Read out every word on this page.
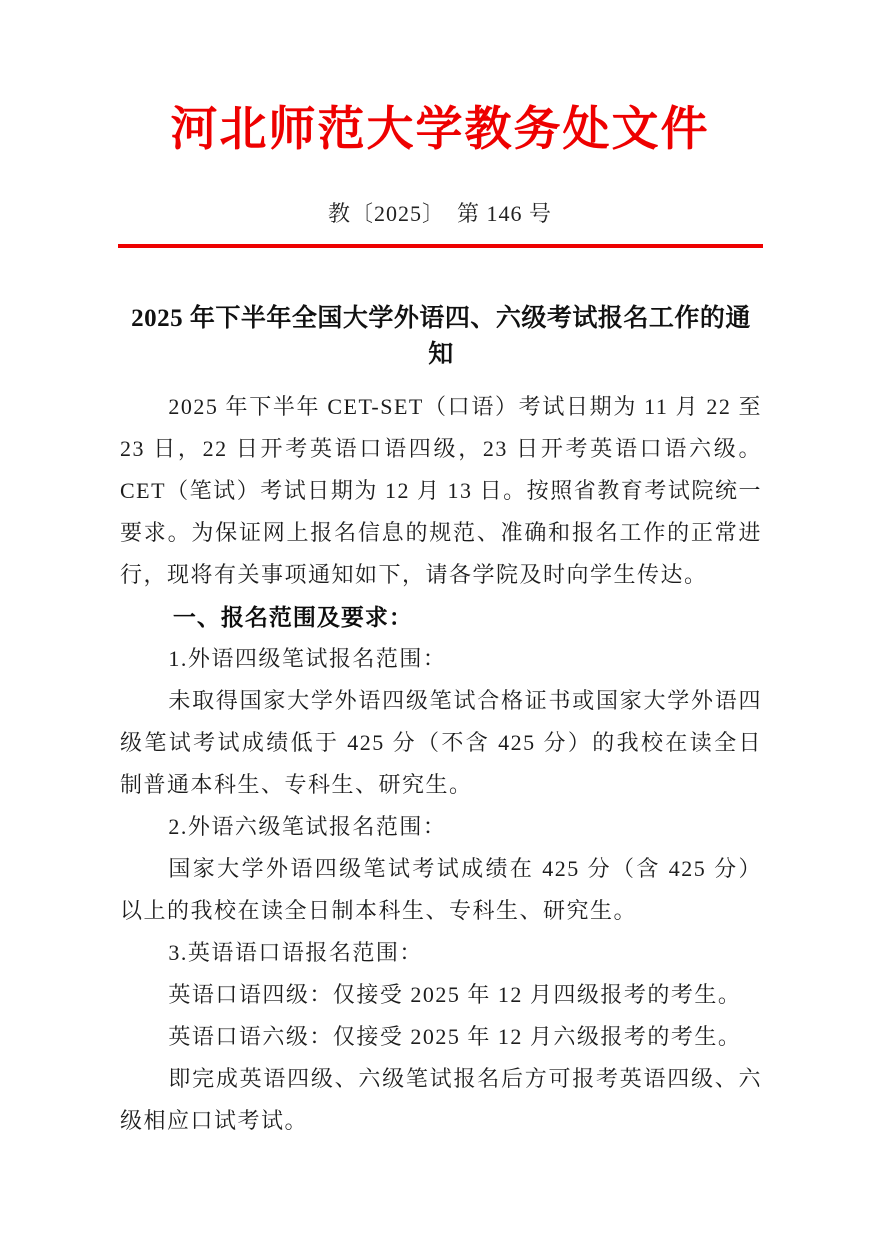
河北师范大学教务处文件
教〔2025〕　第 146 号
2025 年下半年全国大学外语四、六级考试报名工作的通知

2025 年下半年 CET-SET（口语）考试日期为 11 月 22 至 23 日，22 日开考英语口语四级，23 日开考英语口语六级。CET（笔试）考试日期为 12 月 13 日。按照省教育考试院统一要求。为保证网上报名信息的规范、准确和报名工作的正常进行，现将有关事项通知如下，请各学院及时向学生传达。

一、报名范围及要求：
1.外语四级笔试报名范围：

未取得国家大学外语四级笔试合格证书或国家大学外语四级笔试考试成绩低于 425 分（不含 425 分）的我校在读全日制普通本科生、专科生、研究生。

2.外语六级笔试报名范围：

国家大学外语四级笔试考试成绩在 425 分（含 425 分）以上的我校在读全日制本科生、专科生、研究生。

3.英语语口语报名范围：

英语口语四级：仅接受 2025 年 12 月四级报考的考生。

英语口语六级：仅接受 2025 年 12 月六级报考的考生。

即完成英语四级、六级笔试报名后方可报考英语四级、六级相应口试考试。
